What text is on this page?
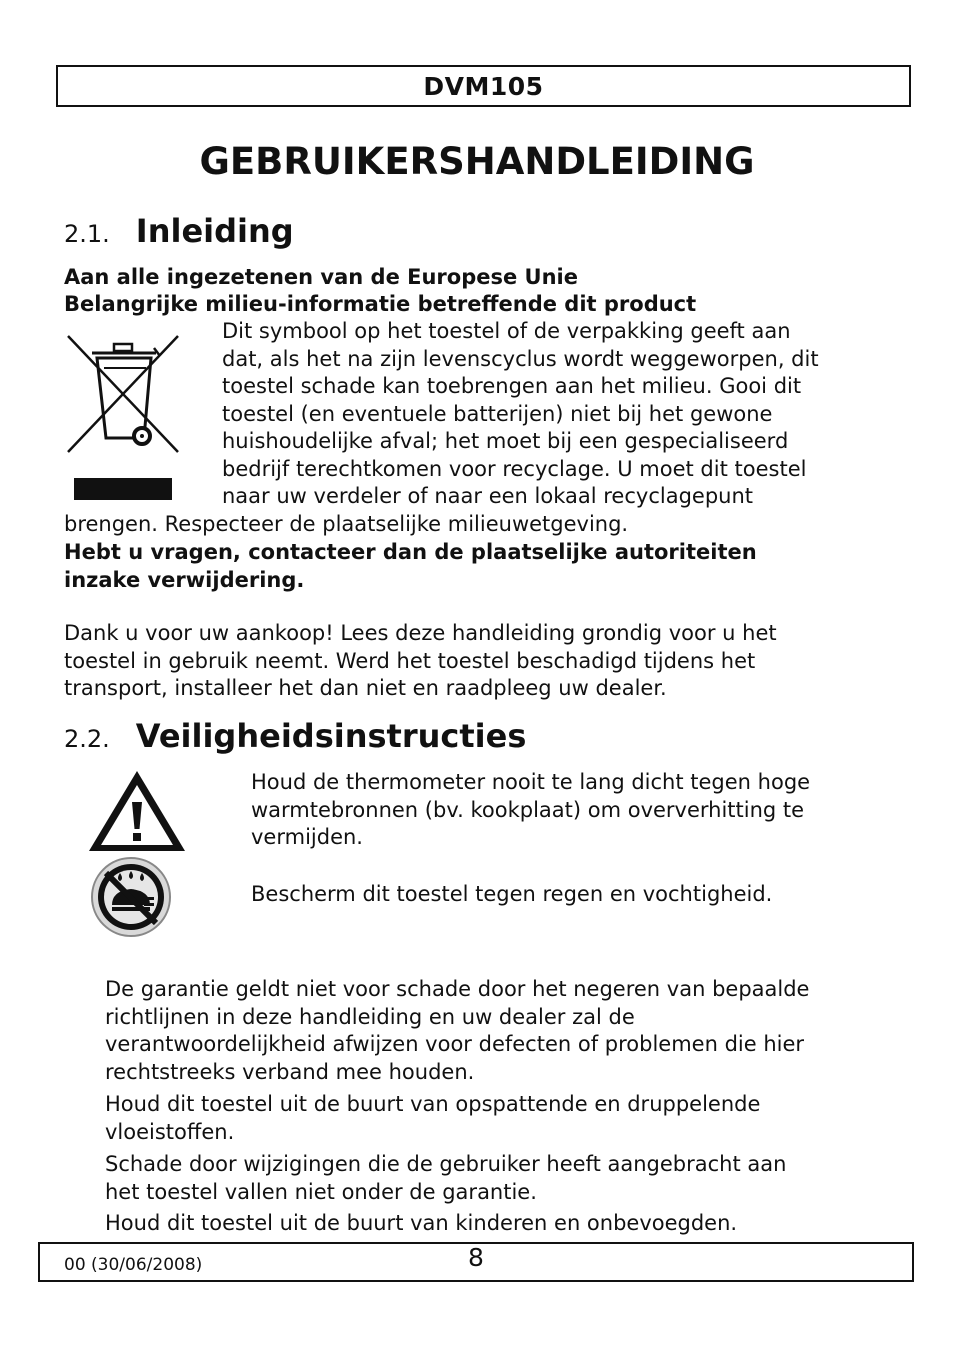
DVM105
GEBRUIKERSHANDLEIDING
2.1. Inleiding
Aan alle ingezetenen van de Europese Unie
Belangrijke milieu-informatie betreffende dit product
Dit symbool op het toestel of de verpakking geeft aan
dat, als het na zijn levenscyclus wordt weggeworpen, dit
toestel schade kan toebrengen aan het milieu. Gooi dit
toestel (en eventuele batterijen) niet bij het gewone
huishoudelijke afval; het moet bij een gespecialiseerd
bedrijf terechtkomen voor recyclage. U moet dit toestel
naar uw verdeler of naar een lokaal recyclagepunt
brengen. Respecteer de plaatselijke milieuwetgeving.
Hebt u vragen, contacteer dan de plaatselijke autoriteiten
inzake verwijdering.
Dank u voor uw aankoop! Lees deze handleiding grondig voor u het
toestel in gebruik neemt. Werd het toestel beschadigd tijdens het
transport, installeer het dan niet en raadpleeg uw dealer.
2.2. Veiligheidsinstructies
Houd de thermometer nooit te lang dicht tegen hoge
warmtebronnen (bv. kookplaat) om oververhitting te
vermijden.
Bescherm dit toestel tegen regen en vochtigheid.
De garantie geldt niet voor schade door het negeren van bepaalde
richtlijnen in deze handleiding en uw dealer zal de
verantwoordelijkheid afwijzen voor defecten of problemen die hier
rechtstreeks verband mee houden.
Houd dit toestel uit de buurt van opspattende en druppelende
vloeistoffen.
Schade door wijzigingen die de gebruiker heeft aangebracht aan
het toestel vallen niet onder de garantie.
Houd dit toestel uit de buurt van kinderen en onbevoegden.
00 (30/06/2008)	8
